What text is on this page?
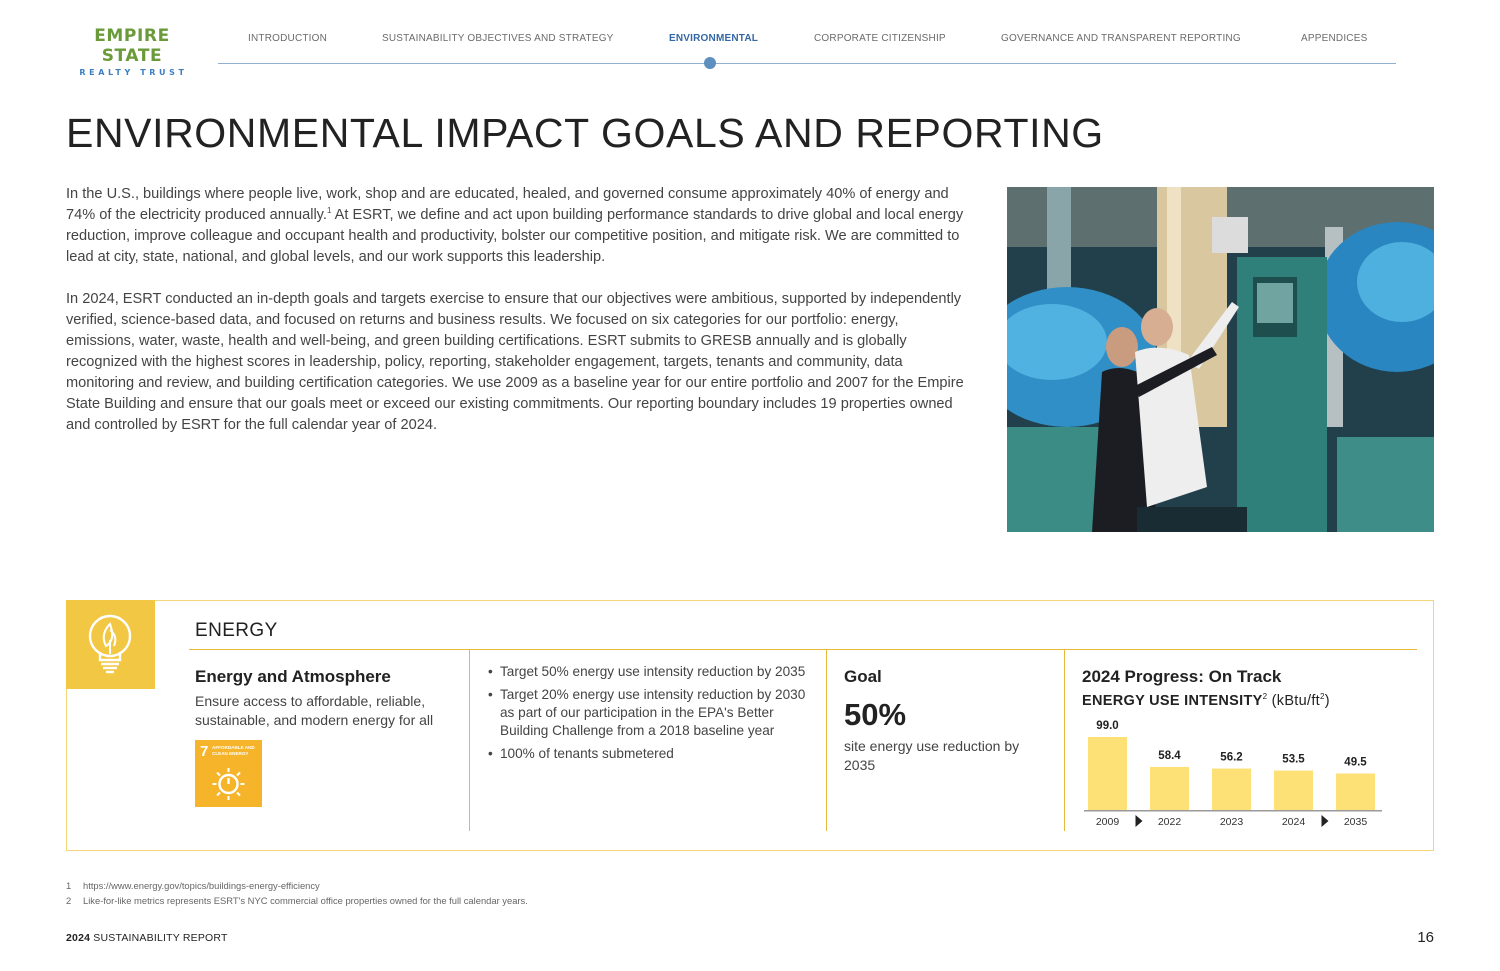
EMPIRE STATE
REALTY TRUST
INTRODUCTION	SUSTAINABILITY OBJECTIVES AND STRATEGY	ENVIRONMENTAL	CORPORATE CITIZENSHIP	GOVERNANCE AND TRANSPARENT REPORTING	APPENDICES
ENVIRONMENTAL IMPACT GOALS AND REPORTING

In the U.S., buildings where people live, work, shop and are educated, healed, and governed consume approximately 40% of energy and 74% of the electricity produced annually.$^1$ At ESRT, we define and act upon building performance standards to drive global and local energy reduction, improve colleague and occupant health and productivity, bolster our competitive position, and mitigate risk. We are committed to lead at city, state, national, and global levels, and our work supports this leadership.

In 2024, ESRT conducted an in-depth goals and targets exercise to ensure that our objectives were ambitious, supported by independently verified, science-based data, and focused on returns and business results. We focused on six categories for our portfolio: energy, emissions, water, waste, health and well-being, and green building certifications. ESRT submits to GRESB annually and is globally recognized with the highest scores in leadership, policy, reporting, stakeholder engagement, targets, tenants and community, data monitoring and review, and building certification categories. We use 2009 as a baseline year for our entire portfolio and 2007 for the Empire State Building and ensure that our goals meet or exceed our existing commitments. Our reporting boundary includes 19 properties owned and controlled by ESRT for the full calendar year of 2024.

ENERGY
Energy and Atmosphere
Ensure access to affordable, reliable, sustainable, and modern energy for all
7 AFFORDABLE AND CLEAN ENERGY
• Target 50% energy use intensity reduction by 2035
• Target 20% energy use intensity reduction by 2030 as part of our participation in the EPA's Better Building Challenge from a 2018 baseline year
• 100% of tenants submetered
Goal
50%
site energy use reduction by 2035
2024 Progress: On Track
ENERGY USE INTENSITY$^2$ $(kBtu/ft^2)$
99.0
2009
58.4
2022
56.2
2023
53.5
2024
49.5
2035
1 https://www.energy.gov/topics/buildings-energy-efficiency
2 Like-for-like metrics represents ESRT's NYC commercial office properties owned for the full calendar years.
2024 SUSTAINABILITY REPORT	16
